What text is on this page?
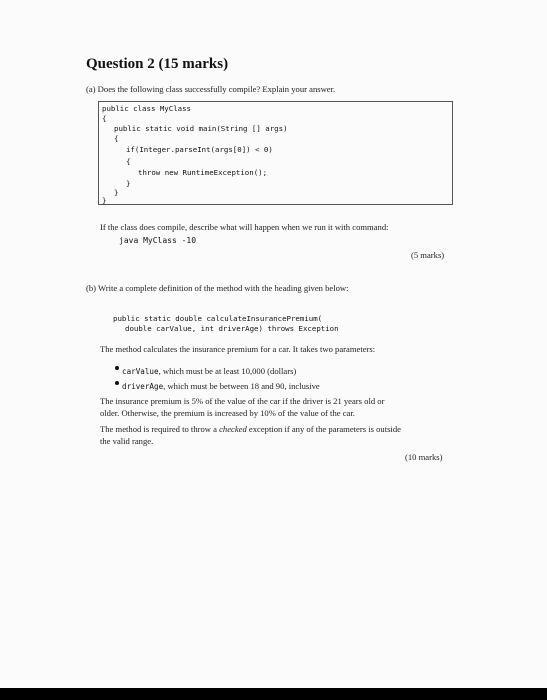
Question 2 (15 marks)
(a) Does the following class successfully compile? Explain your answer.
public class MyClass
{
public static void main(String [] args)
{
if(Integer.parseInt(args[0]) < 0)
{
throw new RuntimeException();
}
}
}
If the class does compile, describe what will happen when we run it with command:
java MyClass -10
(5 marks)
(b) Write a complete definition of the method with the heading given below:
public static double calculateInsurancePremium(
double carValue, int driverAge) throws Exception
The method calculates the insurance premium for a car. It takes two parameters:
carValue, which must be at least 10,000 (dollars)
driverAge, which must be between 18 and 90, inclusive
The insurance premium is 5% of the value of the car if the driver is 21 years old or
older. Otherwise, the premium is increased by 10% of the value of the car.
The method is required to throw a checked exception if any of the parameters is outside
the valid range.
(10 marks)
